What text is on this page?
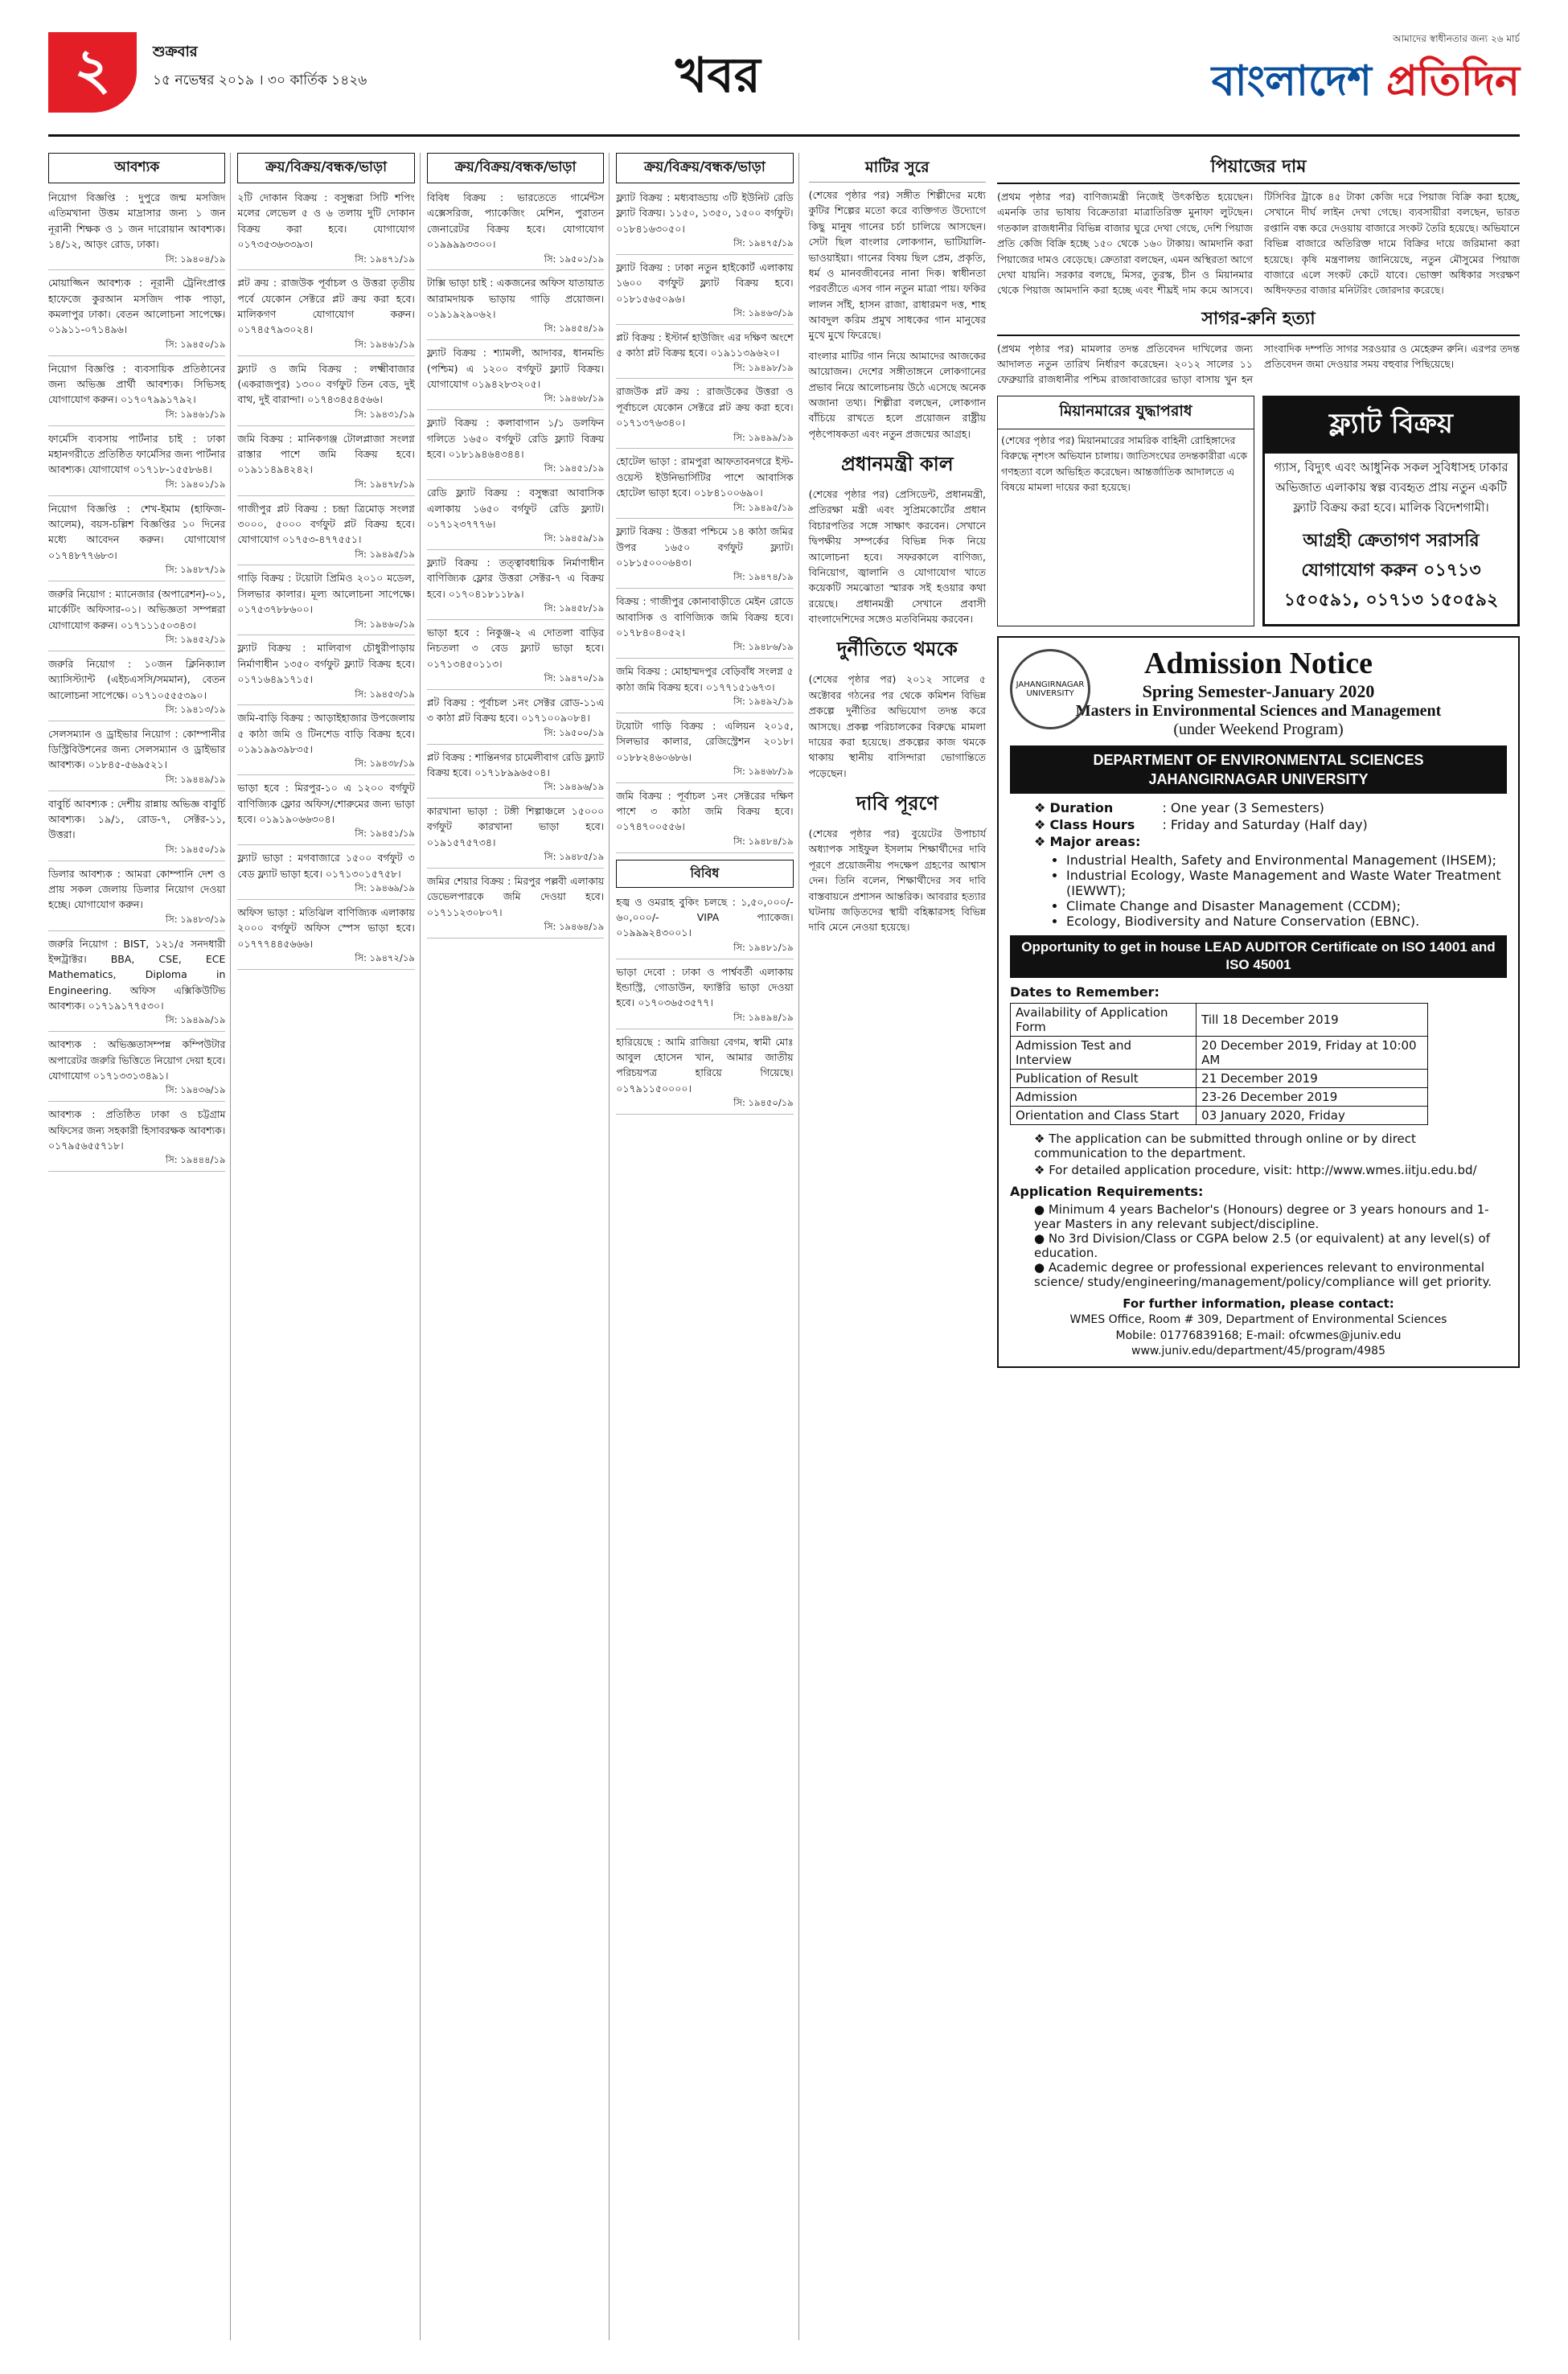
২	শুক্রবার
১৫ নভেম্বর ২০১৯ । ৩০ কার্তিক ১৪২৬	খবর
আমাদের স্বাধীনতার জন্য ২৬ মার্চ
বাংলাদেশ প্রতিদিন
আবশ্যক
নিয়োগ বিজ্ঞপ্তি : দুপুরে জন্ম মসজিদ এতিমখানা উত্তম মাদ্রাসার জন্য ১ জন নূরানী শিক্ষক ও ১ জন দারোয়ান আবশ্যক। ১৪/১২, আড়ং রোড, ঢাকা।
সি: ১৯৪০৪/১৯
মোয়াজ্জিন আবশ্যক : নূরানী ট্রেনিংপ্রাপ্ত হাফেজে কুরআন মসজিদ পাক পাড়া, কমলাপুর ঢাকা। বেতন আলোচনা সাপেক্ষে। ০১৯১১-০৭১৪৯৬।
সি: ১৯৪৫০/১৯
নিয়োগ বিজ্ঞপ্তি : ব্যবসায়িক প্রতিষ্ঠানের জন্য অভিজ্ঞ প্রার্থী আবশ্যক। সিভিসহ যোগাযোগ করুন। ০১৭০৭৯৯১৭৯২।
সি: ১৯৪৬১/১৯
ফার্মেসি ব্যবসায় পার্টনার চাই : ঢাকা মহানগরীতে প্রতিষ্ঠিত ফার্মেসির জন্য পার্টনার আবশ্যক। যোগাযোগ ০১৭১৮-১৫৫৮৬৪।
সি: ১৯৪০১/১৯
নিয়োগ বিজ্ঞপ্তি : শেখ-ইমাম (হাফিজ-আলেম), বয়স-চল্লিশ বিজ্ঞপ্তির ১০ দিনের মধ্যে আবেদন করুন। যোগাযোগ ০১৭৪৮৭৭৬৮৩।
সি: ১৯৪৮৭/১৯
জরুরি নিয়োগ : ম্যানেজার (অপারেশন)-০১, মার্কেটিং অফিসার-০১। অভিজ্ঞতা সম্পন্নরা যোগাযোগ করুন। ০১৭১১১৫০৩৪৩।
সি: ১৯৪৫২/১৯
জরুরি নিয়োগ : ১০জন ক্লিনিক্যাল অ্যাসিস্ট্যান্ট (এইচএসসি/সমমান), বেতন আলোচনা সাপেক্ষে। ০১৭১০৫৫৫৩৯০।
সি: ১৯৪১৩/১৯
সেলসম্যান ও ড্রাইভার নিয়োগ : কোম্পানীর ডিস্ট্রিবিউশনের জন্য সেলসম্যান ও ড্রাইভার আবশ্যক। ০১৮৪৫-৫৬৯৫২১।
সি: ১৯৪৪৯/১৯
বাবুর্চি আবশ্যক : দেশীয় রান্নায় অভিজ্ঞ বাবুর্চি আবশ্যক। ১৯/১, রোড-৭, সেক্টর-১১, উত্তরা।
সি: ১৯৪৫০/১৯
ডিলার আবশ্যক : আমরা কোম্পানি দেশ ও প্রায় সকল জেলায় ডিলার নিয়োগ দেওয়া হচ্ছে। যোগাযোগ করুন।
সি: ১৯৪৮৩/১৯
জরুরি নিয়োগ : BIST, ১২১/৫ সনদধারী ইন্সট্রাক্টর। BBA, CSE, ECE Mathematics, Diploma in Engineering. অফিস এক্সিকিউটিভ আবশ্যক। ০১৭১৯১৭৭৫৩০।
সি: ১৯৪৯৯/১৯
আবশ্যক : অভিজ্ঞতাসম্পন্ন কম্পিউটার অপারেটর জরুরি ভিত্তিতে নিয়োগ দেয়া হবে। যোগাযোগ ০১৭১৩৩১৩৪৯১।
সি: ১৯৪৩৬/১৯
আবশ্যক : প্রতিষ্ঠিত ঢাকা ও চট্টগ্রাম অফিসের জন্য সহকারী হিসাবরক্ষক আবশ্যক। ০১৭৯৫৬৫৫৭১৮।
সি: ১৯৪৪৪/১৯
ক্রয়/বিক্রয়/বন্ধক/ভাড়া
২টি দোকান বিক্রয় : বসুন্ধরা সিটি শপিং মলের লেভেল ৫ ও ৬ তলায় দুটি দোকান বিক্রয় করা হবে। যোগাযোগ ০১৭৩৫৩৬৩৩৯৩।
সি: ১৯৪৭১/১৯
প্লট ক্রয় : রাজউক পূর্বাচল ও উত্তরা তৃতীয় পর্বে যেকোন সেক্টরে প্লট ক্রয় করা হবে। মালিকগণ যোগাযোগ করুন। ০১৭৪৫৭৯৩০২৪।
সি: ১৯৪৬১/১৯
ফ্ল্যাট ও জমি বিক্রয় : লক্ষ্মীবাজার (একরাজপুর) ১৩০০ বর্গফুট তিন বেড, দুই বাথ, দুই বারান্দা। ০১৭৪৩৪৫৪৫৬৬।
সি: ১৯৪৩১/১৯
জমি বিক্রয় : মানিকগঞ্জ টোলপ্লাজা সংলগ্ন রাস্তার পাশে জমি বিক্রয় হবে। ০১৯১১৪৯৪২৪২।
সি: ১৯৪৭৮/১৯
গাজীপুর প্লট বিক্রয় : চন্দ্রা ত্রিমোড় সংলগ্ন ৩০০০, ৫০০০ বর্গফুট প্লট বিক্রয় হবে। যোগাযোগ ০১৭৫৩-৪৭৭৫৫১।
সি: ১৯৪৯৫/১৯
গাড়ি বিক্রয় : টয়োটা প্রিমিও ২০১০ মডেল, সিলভার কালার। মূল্য আলোচনা সাপেক্ষে। ০১৭৫৩৭৮৮৬০০।
সি: ১৯৪৬০/১৯
ফ্ল্যাট বিক্রয় : মালিবাগ চৌধুরীপাড়ায় নির্মাণাধীন ১৩৫০ বর্গফুট ফ্ল্যাট বিক্রয় হবে। ০১৭১৬৪৯১৭১৫।
সি: ১৯৪৫৩/১৯
জমি-বাড়ি বিক্রয় : আড়াইহাজার উপজেলায় ৫ কাঠা জমি ও টিনশেড বাড়ি বিক্রয় হবে। ০১৯১৯৯৩৯৮৩৫।
সি: ১৯৪৩৮/১৯
ভাড়া হবে : মিরপুর-১০ এ ১২০০ বর্গফুট বাণিজ্যিক ফ্লোর অফিস/শোরুমের জন্য ভাড়া হবে। ০১৯১৯০৬৬৩০৪।
সি: ১৯৪৫১/১৯
ফ্ল্যাট ভাড়া : মগবাজারে ১৫০০ বর্গফুট ৩ বেড ফ্ল্যাট ভাড়া হবে। ০১৭১৩০১৫৭৫৮।
সি: ১৯৪৬৯/১৯
অফিস ভাড়া : মতিঝিল বাণিজ্যিক এলাকায় ২০০০ বর্গফুট অফিস স্পেস ভাড়া হবে। ০১৭৭৭৪৪৫৬৬৬।
সি: ১৯৪৭২/১৯
ক্রয়/বিক্রয়/বন্ধক/ভাড়া
বিবিধ বিক্রয় : ভারতেতে গার্মেন্টস এক্সেসরিজ, প্যাকেজিং মেশিন, পুরাতন জেনারেটর বিক্রয় হবে। যোগাযোগ ০১৯৯৯৯৩৩০০।
সি: ১৯৫০১/১৯
টাক্সি ভাড়া চাই : একজনের অফিস যাতায়াত আরামদায়ক ভাড়ায় গাড়ি প্রয়োজন। ০১৯১৯২৯০৬২।
সি: ১৯৪৫৪/১৯
ফ্ল্যাট বিক্রয় : শ্যামলী, আদাবর, ধানমন্ডি (পশ্চিম) এ ১২০০ বর্গফুট ফ্ল্যাট বিক্রয়। যোগাযোগ ০১৯৪২৮৩২০৫।
সি: ১৯৪৬৮/১৯
ফ্ল্যাট বিক্রয় : কলাবাগান ১/১ ডলফিন গলিতে ১৬৫০ বর্গফুট রেডি ফ্ল্যাট বিক্রয় হবে। ০১৮১৯৪৬৪৩৪৪।
সি: ১৯৪৫১/১৯
রেডি ফ্ল্যাট বিক্রয় : বসুন্ধরা আবাসিক এলাকায় ১৬৫০ বর্গফুট রেডি ফ্ল্যাট। ০১৭১২৩৭৭৭৬।
সি: ১৯৪৫৯/১৯
ফ্ল্যাট বিক্রয় : তত্ত্বাবধায়িক নির্মাণাধীন বাণিজ্যিক ফ্লোর উত্তরা সেক্টর-৭ এ বিক্রয় হবে। ০১৭০৪১৮১১৮৯।
সি: ১৯৪৫৮/১৯
ভাড়া হবে : নিকুঞ্জ-২ এ দোতলা বাড়ির নিচতলা ৩ বেড ফ্ল্যাট ভাড়া হবে। ০১৭১৩৪৫০১১৩।
সি: ১৯৪৭০/১৯
প্লট বিক্রয় : পূর্বাচল ১নং সেক্টর রোড-১১এ ৩ কাঠা প্লট বিক্রয় হবে। ০১৭১০০৯০৮৪।
সি: ১৯৫০০/১৯
প্লট বিক্রয় : শান্তিনগর চামেলীবাগ রেডি ফ্ল্যাট বিক্রয় হবে। ০১৭১৮৯৯৬৫০৪।
সি: ১৯৪৯৬/১৯
কারখানা ভাড়া : টঙ্গী শিল্পাঞ্চলে ১৫০০০ বর্গফুট কারখানা ভাড়া হবে। ০১৯১৫৭৫৭৩৪।
সি: ১৯৪৮৫/১৯
জমির শেয়ার বিক্রয় : মিরপুর পল্লবী এলাকায় ডেভেলপারকে জমি দেওয়া হবে। ০১৭১১২৩০৮০৭।
সি: ১৯৪৬৪/১৯
ক্রয়/বিক্রয়/বন্ধক/ভাড়া
ফ্ল্যাট বিক্রয় : মধ্যবাড্ডায় ৩টি ইউনিট রেডি ফ্ল্যাট বিক্রয়। ১১৫০, ১৩৫০, ১৫০০ বর্গফুট। ০১৮৪১৬৩০৫০।
সি: ১৯৪৭৫/১৯
ফ্ল্যাট বিক্রয় : ঢাকা নতুন হাইকোর্ট এলাকায় ১৬০০ বর্গফুট ফ্ল্যাট বিক্রয় হবে। ০১৮১৫৬৫০৯৬।
সি: ১৯৪৬৩/১৯
প্লট বিক্রয় : ইস্টার্ন হাউজিং এর দক্ষিণ অংশে ৫ কাঠা প্লট বিক্রয় হবে। ০১৯১১৩৯৬২০।
সি: ১৯৪৯৮/১৯
রাজউক প্লট ক্রয় : রাজউকের উত্তরা ও পূর্বাচলে যেকোন সেক্টরে প্লট ক্রয় করা হবে। ০১৭১৩৭৬৩৪০।
সি: ১৯৪৯৯/১৯
হোটেল ভাড়া : রামপুরা আফতাবনগরে ইস্ট-ওয়েস্ট ইউনিভার্সিটির পাশে আবাসিক হোটেল ভাড়া হবে। ০১৮৪১০০৬৯০।
সি: ১৯৪৯৫/১৯
ফ্ল্যাট বিক্রয় : উত্তরা পশ্চিমে ১৪ কাঠা জমির উপর ১৬৫০ বর্গফুট ফ্ল্যাট। ০১৮১৫০০০৬৪৩।
সি: ১৯৪৭৪/১৯
বিক্রয় : গাজীপুর কোনাবাড়ীতে মেইন রোডে আবাসিক ও বাণিজ্যিক জমি বিক্রয় হবে। ০১৭৮৪০৪০৫২।
সি: ১৯৪৮৬/১৯
জমি বিক্রয় : মোহাম্মদপুর বেড়িবাঁধ সংলগ্ন ৫ কাঠা জমি বিক্রয় হবে। ০১৭৭১৫১৬৭৩।
সি: ১৯৪৯২/১৯
টয়োটা গাড়ি বিক্রয় : এলিয়ন ২০১৫, সিলভার কালার, রেজিস্ট্রেশন ২০১৮। ০১৮৮২৪৬০৬৮৬।
সি: ১৯৪৬৮/১৯
জমি বিক্রয় : পূর্বাচল ১নং সেক্টরের দক্ষিণ পাশে ৩ কাঠা জমি বিক্রয় হবে। ০১৭৪৭০০৫৫৬।
সি: ১৯৪৮৪/১৯
বিবিধ
হজ্ব ও ওমরাহ বুকিং চলছে : ১,৫০,০০০/- ৬০,০০০/- VIPA প্যাকেজ। ০১৯৯৯২৪৩০০১।
সি: ১৯৪৮১/১৯
ভাড়া দেবো : ঢাকা ও পার্শ্ববর্তী এলাকায় ইন্ডাস্ট্রি, গোডাউন, ফ্যাক্টরি ভাড়া দেওয়া হবে। ০১৭০৩৬৫৩৫৭৭।
সি: ১৯৪৯৪/১৯
হারিয়েছে : আমি রাজিয়া বেগম, স্বামী মোঃ আবুল হোসেন খান, আমার জাতীয় পরিচয়পত্র হারিয়ে গিয়েছে। ০১৭৯১১৫০০০০।
সি: ১৯৪৫০/১৯
মাটির সুরে

(শেষের পৃষ্ঠার পর) সঙ্গীত শিল্পীদের মধ্যে কুটির শিল্পের মতো করে ব্যক্তিগত উদ্যোগে কিছু মানুষ গানের চর্চা চালিয়ে আসছেন। সেটা ছিল বাংলার লোকগান, ভাটিয়ালি-ভাওয়াইয়া। গানের বিষয় ছিল প্রেম, প্রকৃতি, ধর্ম ও মানবজীবনের নানা দিক। স্বাধীনতা পরবর্তীতে এসব গান নতুন মাত্রা পায়। ফকির লালন সাঁই, হাসন রাজা, রাধারমণ দত্ত, শাহ আবদুল করিম প্রমুখ সাধকের গান মানুষের মুখে মুখে ফিরেছে।

বাংলার মাটির গান নিয়ে আমাদের আজকের আয়োজন। দেশের সঙ্গীতাঙ্গনে লোকগানের প্রভাব নিয়ে আলোচনায় উঠে এসেছে অনেক অজানা তথ্য। শিল্পীরা বলছেন, লোকগান বাঁচিয়ে রাখতে হলে প্রয়োজন রাষ্ট্রীয় পৃষ্ঠপোষকতা এবং নতুন প্রজন্মের আগ্রহ।

প্রধানমন্ত্রী কাল

(শেষের পৃষ্ঠার পর) প্রেসিডেন্ট, প্রধানমন্ত্রী, প্রতিরক্ষা মন্ত্রী এবং সুপ্রিমকোর্টের প্রধান বিচারপতির সঙ্গে সাক্ষাৎ করবেন। সেখানে দ্বিপক্ষীয় সম্পর্কের বিভিন্ন দিক নিয়ে আলোচনা হবে। সফরকালে বাণিজ্য, বিনিয়োগ, জ্বালানি ও যোগাযোগ খাতে কয়েকটি সমঝোতা স্মারক সই হওয়ার কথা রয়েছে। প্রধানমন্ত্রী সেখানে প্রবাসী বাংলাদেশিদের সঙ্গেও মতবিনিময় করবেন।

দুর্নীতিতে থমকে

(শেষের পৃষ্ঠার পর) ২০১২ সালের ৫ অক্টোবর গঠনের পর থেকে কমিশন বিভিন্ন প্রকল্পে দুর্নীতির অভিযোগ তদন্ত করে আসছে। প্রকল্প পরিচালকের বিরুদ্ধে মামলা দায়ের করা হয়েছে। প্রকল্পের কাজ থমকে থাকায় স্থানীয় বাসিন্দারা ভোগান্তিতে পড়েছেন।

দাবি পূরণে

(শেষের পৃষ্ঠার পর) বুয়েটের উপাচার্য অধ্যাপক সাইফুল ইসলাম শিক্ষার্থীদের দাবি পূরণে প্রয়োজনীয় পদক্ষেপ গ্রহণের আশ্বাস দেন। তিনি বলেন, শিক্ষার্থীদের সব দাবি বাস্তবায়নে প্রশাসন আন্তরিক। আবরার হত্যার ঘটনায় জড়িতদের স্থায়ী বহিষ্কারসহ বিভিন্ন দাবি মেনে নেওয়া হয়েছে।

পিয়াজের দাম
(প্রথম পৃষ্ঠার পর) বাণিজ্যমন্ত্রী নিজেই উৎকণ্ঠিত হয়েছেন। এমনকি তার ভাষায় বিক্রেতারা মাত্রাতিরিক্ত মুনাফা লুটছেন। গতকাল রাজধানীর বিভিন্ন বাজার ঘুরে দেখা গেছে, দেশি পিয়াজ প্রতি কেজি বিক্রি হচ্ছে ১৫০ থেকে ১৬০ টাকায়। আমদানি করা পিয়াজের দামও বেড়েছে। ক্রেতারা বলছেন, এমন অস্থিরতা আগে দেখা যায়নি। সরকার বলছে, মিসর, তুরস্ক, চীন ও মিয়ানমার থেকে পিয়াজ আমদানি করা হচ্ছে এবং শীঘ্রই দাম কমে আসবে। টিসিবির ট্রাকে ৪৫ টাকা কেজি দরে পিয়াজ বিক্রি করা হচ্ছে, সেখানে দীর্ঘ লাইন দেখা গেছে। ব্যবসায়ীরা বলছেন, ভারত রপ্তানি বন্ধ করে দেওয়ায় বাজারে সংকট তৈরি হয়েছে। অভিযানে বিভিন্ন বাজারে অতিরিক্ত দামে বিক্রির দায়ে জরিমানা করা হয়েছে। কৃষি মন্ত্রণালয় জানিয়েছে, নতুন মৌসুমের পিয়াজ বাজারে এলে সংকট কেটে যাবে। ভোক্তা অধিকার সংরক্ষণ অধিদফতর বাজার মনিটরিং জোরদার করেছে।
সাগর-রুনি হত্যা
(প্রথম পৃষ্ঠার পর) মামলার তদন্ত প্রতিবেদন দাখিলের জন্য আদালত নতুন তারিখ নির্ধারণ করেছেন। ২০১২ সালের ১১ ফেব্রুয়ারি রাজধানীর পশ্চিম রাজাবাজারের ভাড়া বাসায় খুন হন সাংবাদিক দম্পতি সাগর সরওয়ার ও মেহেরুন রুনি। এরপর তদন্ত প্রতিবেদন জমা দেওয়ার সময় বহুবার পিছিয়েছে।
মিয়ানমারের যুদ্ধাপরাধ

(শেষের পৃষ্ঠার পর) মিয়ানমারের সামরিক বাহিনী রোহিঙ্গাদের বিরুদ্ধে নৃশংস অভিযান চালায়। জাতিসংঘের তদন্তকারীরা একে গণহত্যা বলে অভিহিত করেছেন। আন্তর্জাতিক আদালতে এ বিষয়ে মামলা দায়ের করা হয়েছে।

ফ্ল্যাট বিক্রয়

গ্যাস, বিদ্যুৎ এবং আধুনিক সকল সুবিধাসহ ঢাকার অভিজাত এলাকায় স্বল্প ব্যবহৃত প্রায় নতুন একটি ফ্ল্যাট বিক্রয় করা হবে। মালিক বিদেশগামী।

আগ্রহী ক্রেতাগণ সরাসরি যোগাযোগ করুন ০১৭১৩ ১৫০৫৯১, ০১৭১৩ ১৫০৫৯২
JAHANGIRNAGAR UNIVERSITY
Admission Notice
Spring Semester-January 2020
Masters in Environmental Sciences and Management
(under Weekend Program)
DEPARTMENT OF ENVIRONMENTAL SCIENCES
JAHANGIRNAGAR UNIVERSITY
❖ Duration	: One year (3 Semesters)
❖ Class Hours : Friday and Saturday (Half day)
❖ Major areas:
• Industrial Health, Safety and Environmental Management (IHSEM);
• Industrial Ecology, Waste Management and Waste Water Treatment (IEWWT);
• Climate Change and Disaster Management (CCDM);
• Ecology, Biodiversity and Nature Conservation (EBNC).
Opportunity to get in house LEAD AUDITOR Certificate on ISO 14001 and ISO 45001
Dates to Remember:
Availability of Application Form	Till 18 December 2019
Admission Test and Interview	20 December 2019, Friday at 10:00 AM
Publication of Result	21 December 2019
Admission	23-26 December 2019
Orientation and Class Start	03 January 2020, Friday
❖ The application can be submitted through online or by direct communication to the department.
❖ For detailed application procedure, visit: http://www.wmes.iitju.edu.bd/
Application Requirements:
● Minimum 4 years Bachelor's (Honours) degree or 3 years honours and 1-year Masters in any relevant subject/discipline.
● No 3rd Division/Class or CGPA below 2.5 (or equivalent) at any level(s) of education.
● Academic degree or professional experiences relevant to environmental science/ study/engineering/management/policy/compliance will get priority.
For further information, please contact:
WMES Office, Room # 309, Department of Environmental Sciences
Mobile: 01776839168; E-mail: ofcwmes@juniv.edu
www.juniv.edu/department/45/program/4985
